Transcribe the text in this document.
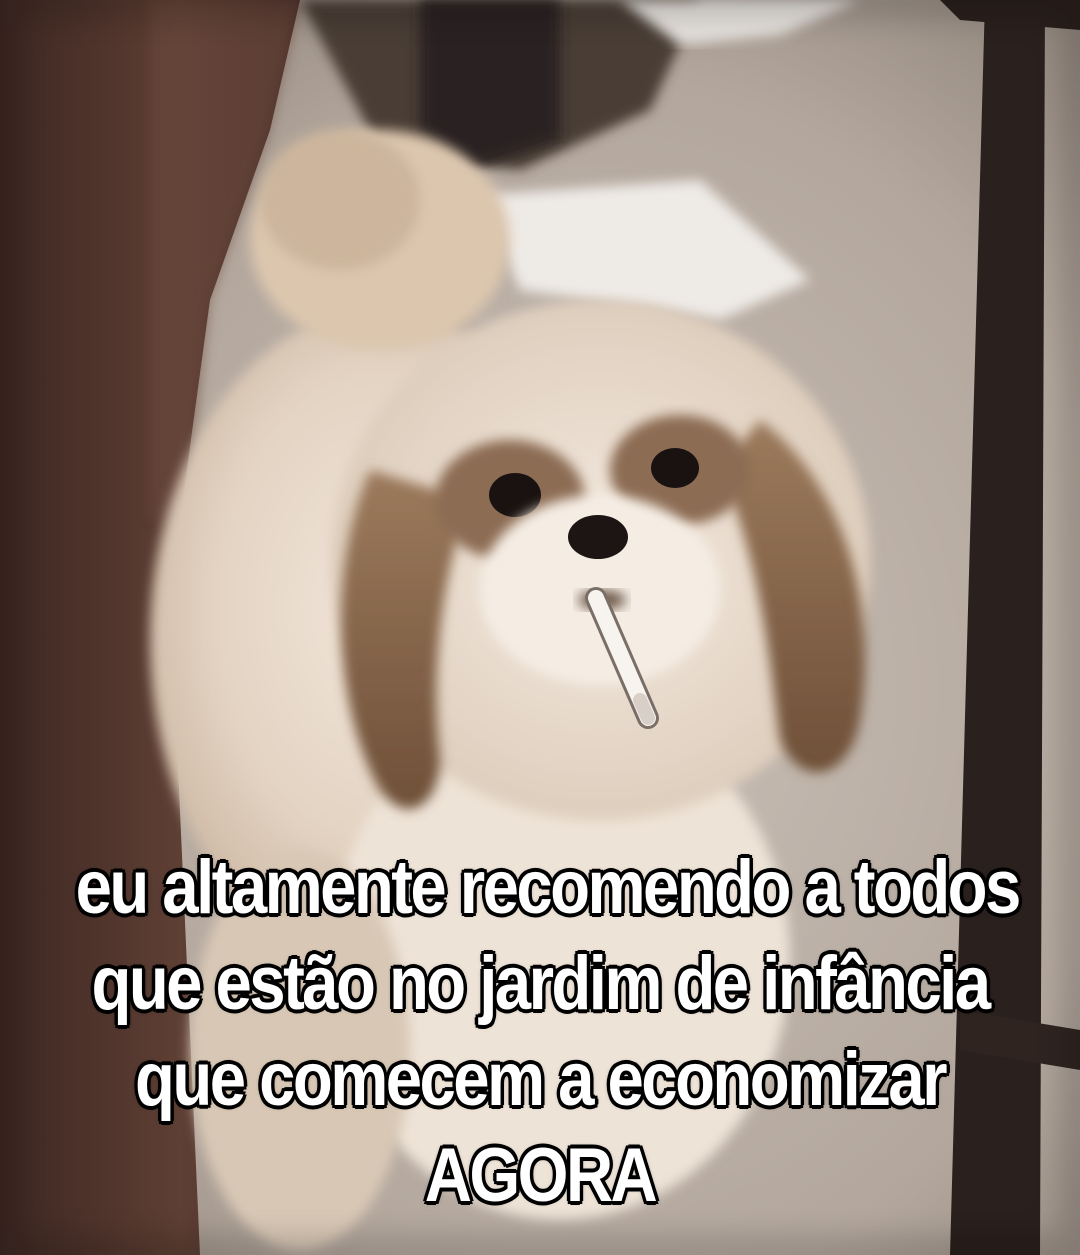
eu altamente recomendo a todos
que estão no jardim de infância
que comecem a economizar
AGORA
